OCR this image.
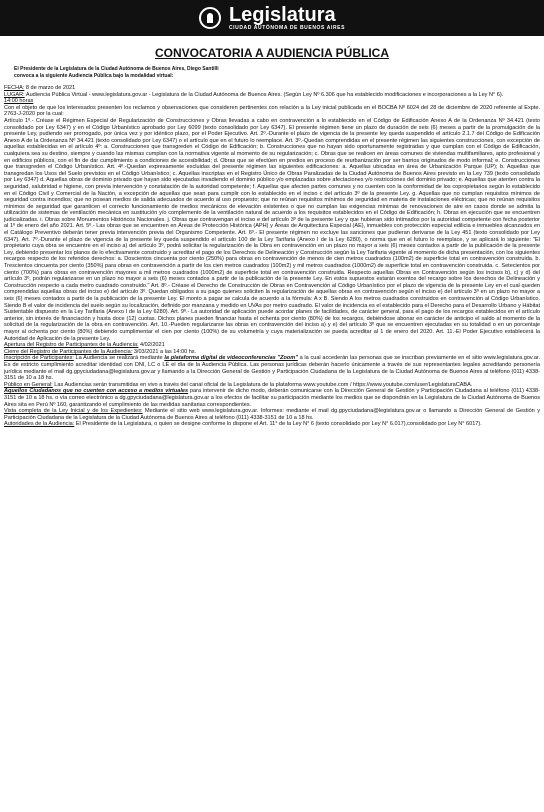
Legislatura
CIUDAD AUTÓNOMA DE BUENOS AIRES
CONVOCATORIA A AUDIENCIA PÚBLICA
El Presidente de la Legislatura de la Ciudad Autónoma de Buenos Aires, Diego Santilli
convoca a la siguiente Audiencia Pública bajo la modalidad virtual:

FECHA: 8 de marzo de 2021

LUGAR: Audiencia Pública Virtual - www.legislatura.gov.ar - Legislatura de la Ciudad Autónoma de Buenos Aires. (Según Ley Nº 6.306 que ha establecido modificaciones e incorporaciones a la Ley N° 6).

14:00 horas

Con el objeto de que los interesados presenten los reclamos y observaciones que consideren pertinentes con relación a la Ley inicial publicada en el BOCBA Nº 6024 del 28 de diciembre de 2020 referente al Expte. 2763-J-2020 por la cual:

Artículo 1º.- Créase el Régimen Especial de Regularización de Construcciones y Obras llevadas a cabo en contravención a lo establecido en el Código de Edificación Anexo A de la Ordenanza Nº 34.421 (texto consolidado por Ley 6347) y en el Código Urbanístico aprobado por Ley 6099 (texto consolidado por Ley 6347). El presente régimen tiene un plazo de duración de seis (6) meses a partir de la promulgación de la presente Ley, pudiendo ser prorrogado, por única vez y por idéntico plazo, por el Poder Ejecutivo. Art. 2º.-Durante el plazo de vigencia de la presente ley queda suspendido el artículo 2.1.7 del Código de Edificación Anexo A de la Ordenanza Nº 34.421 (texto consolidado por Ley 6347) o el artículo que en el futuro lo reemplace. Art. 3º.-Quedan comprendidas en el presente régimen las siguientes construcciones, con excepción de aquellas establecidas en el artículo 4º: a. Construcciones que transgreden el Código de Edificación; b. Construcciones que no hayan sido oportunamente registradas y que cumplan con el Código de Edificación, cualquiera sea su destino, siempre y cuando las mismas cumplan con la normativa vigente al momento de su regularización; c. Obras que se realicen en áreas comunes de viviendas multifamiliares, apto profesional y en edificios públicos, con el fin de dar cumplimiento a condiciones de accesibilidad; d. Obras que se efectúen en predios en proceso de reurbanización por ser barrios originados de modo informal; e. Construcciones que transgreden el Código Urbanístico. Art. 4º.-Quedan expresamente excluidas del presente régimen las siguientes edificaciones: a. Aquellas ubicadas en área de Urbanización Parque (UP); b. Aquellas que transgredan los Usos del Suelo previstos en el Código Urbanístico; c. Aquellas inscriptas en el Registro Único de Obras Paralizadas de la Ciudad Autónoma de Buenos Aires previsto en la Ley 739 (texto consolidado por Ley 6347) d. Aquellas obras de dominio privado que hayan sido ejecutadas invadiendo el dominio público y/o emplazadas sobre afectaciones y/o restricciones del dominio privado; e. Aquellas que atenten contra la seguridad, salubridad e higiene, con previa intervención y constatación de la autoridad competente; f. Aquellas que afecten partes comunes y no cuenten con la conformidad de los copropietarios según lo establecido en el Código Civil y Comercial de la Nación, a excepción de aquellas que sean para cumplir con lo establecido en el inciso c del artículo 3º de la presente Ley. g. Aquellas que no cumplan requisitos mínimos de seguridad contra incendios; que no posean medios de salida adecuados de acuerdo al uso propuesto; que no reúnan requisitos mínimos de seguridad en materia de instalaciones eléctricas; que no reúnan requisitos mínimos de seguridad que garanticen el correcto funcionamiento de medios mecánicos de elevación existentes o que no cumplan las exigencias mínimas de renovaciones de aire en casos donde se admita la utilización de sistemas de ventilación mecánica en sustitución y/o complemento de la ventilación natural de acuerdo a los requisitos establecidos en el Código de Edificación; h. Obras en ejecución que se encuentren judicializadas. i. Obras sobre Monumentos Históricos Nacionales. j. Obras que contravengan el inciso e del artículo 3º de la presente Ley y que hubieran sido intimados por la autoridad competente con fecha posterior al 1º de enero del año 2021. Art. 5º.- Las obras que se encuentren en Áreas de Protección Histórica (APH) y Áreas de Arquitectura Especial (AE), inmuebles con protección especial edilicia e inmuebles alcanzados en el Catálogo Preventivo deberán tener previa intervención previa del Organismo Competente. Art. 6º.- El presente régimen no excluye las sanciones que pudieran derivarse de la Ley 451 (texto consolidado por Ley 6347). Art. 7º.-Durante el plazo de vigencia de la presente ley queda suspendido el artículo 100 de la Ley Tarifaria (Anexo I de la Ley 6280), o norma que en el futuro lo reemplace, y se aplicará lo siguiente: "El propietario cuya obra se encuentre en el inciso a) del artículo 3º, podrá solicitar la regularización de la Obra en contravención en un plazo no mayor a seis (6) meses contados a partir de la publicación de la presente Ley, debiendo presentar los planos de lo efectivamente construido y acreditar el pago de los Derechos de Delineación y Construcción según la Ley Tarifaria vigente al momento de dicha presentación, con los siguientes recargos respecto de los referidos derechos: a. Doscientos cincuenta por ciento (250%) para obras en contravención de menos de cien metros cuadrados (100m2) de superficie total en contravención construida. b. Trescientos cincuenta por ciento (350%) para obras en contravención a partir de los cien metros cuadrados (100m2) y mil metros cuadrados (1000m2) de superficie total en contravención construida. c. Setecientos por ciento (700%) para obras en contravención mayores a mil metros cuadrados (1000m2) de superficie total en contravención construida. Respecto aquellas Obras en Contravención según los incisos b), c) y d) del artículo 3º, podrán regularizarse en un plazo no mayor a seis (6) meses contados a partir de la publicación de la presente Ley. En estos supuestos estarán exentos del recargo sobre los derechos de Delineación y Construcción respecto a cada metro cuadrado construido." Art. 8º.- Créase el Derecho de Construcción de Obras en Contravención al Código Urbanístico por el plazo de vigencia de la presente Ley en el cual queden comprendidas aquellas obras del inciso e) del artículo 3º. Quedan obligados a su pago quienes soliciten la regularización de aquellas obras en contravención según el inciso e) del artículo 3º en un plazo no mayor a seis (6) meses contados a partir de la publicación de la presente Ley. El monto a pagar se calcula de acuerdo a la fórmula: A x B. Siendo A los metros cuadrados construidos en contravención al Código Urbanístico. Siendo B el valor de incidencia del suelo según su localización, definido por manzana y medido en UVAs por metro cuadrado. El valor de incidencia es el establecido para el Derecho para el Desarrollo Urbano y Hábitat Sustentable dispuesto en la Ley Tarifaria (Anexo I de la Ley 6280). Art. 9º.- La autoridad de aplicación puede acordar planes de facilidades, de carácter general, para el pago de los recargos establecidos en el artículo anterior, sin interés de financiación y hasta doce (12) cuotas. Dichos planes pueden financiar hasta el ochenta por ciento (80%) de los recargos, debiéndose abonar en carácter de anticipo el saldo al momento de la solicitud de la regularización de la obra en contravención. Art. 10.-Pueden regularizarse las obras en contravención del inciso a) y e) del artículo 3º que se encuentren ejecutadas en su totalidad o en un porcentaje mayor al ochenta por ciento (80%) debiendo cumplimentar el cien por ciento (100%) de su volumetría y cuya materialización se pueda acreditar al 1 de enero del 2020. Art. 11.-El Poder Ejecutivo establecerá la Autoridad de Aplicación de la presente Ley.

Apertura del Registro de Participantes de la Audiencia: 4/02/2021

Cierre del Registro de Participantes de la Audiencia: 3/03/2021 a las 14:00 hs.

Inscripción de Participantes: La Audiencia se realizará mediante la plataforma digital de videoconferencias "Zoom" a la cual accederán las personas que se inscriban previamente en el sitio www.legislatura.gov.ar. Es de estricto cumplimiento acreditar identidad con DNI, LC o LE el día de la Audiencia Pública. Las personas jurídicas deberán hacerlo únicamente a través de sus representantes legales acreditando personería jurídica mediante el mail dg.gpyciudadana@legislatura.gov.ar y llamando a la Dirección General de Gestión y Participación Ciudadana de la Legislatura de la Ciudad Autónoma de Buenos Aires al teléfono (011) 4338-3151 de 10 a 18 hs.

Público en General: Las Audiencias serán transmitidas en vivo a través del canal oficial de la Legislatura de la plataforma www.youtube.com / https://www.youtube.com/user/LegislaturaCABA.

Aquellos Ciudadanos que no cuenten con acceso a medios virtuales para intervenir de dicho modo, deberán comunicarse con la Dirección General de Gestión y Participación Ciudadana al teléfono (011) 4338-3151 de 10 a 18 hs. o vía correo electrónico a dg.gpyciudadana@legislatura.gov.ar a los efectos de facilitar su participación mediante los medios que se dispondrán en la Legislatura de la Ciudad Autónoma de Buenos Aires sita en Perú Nº 160, garantizando el cumplimiento de las medidas sanitarias correspondientes.

Vista completa de la Ley Inicial y de los Expedientes: Mediante el sitio web www.legislatura.gov.ar. Informes: mediante el mail dg.gpyciudadana@legislatura.gov.ar o llamando a Dirección General de Gestión y Participación Ciudadana de la Legislatura de la Ciudad Autónoma de Buenos Aires al teléfono (011) 4338-3151 de 10 a 18 hs.

Autoridades de la Audiencia: El Presidente de la Legislatura, o quien se designe conforme lo dispone el Art. 11° de la Ley N° 6 (texto consolidado por Ley N° 6.017),consolidado por Ley N° 6017).
